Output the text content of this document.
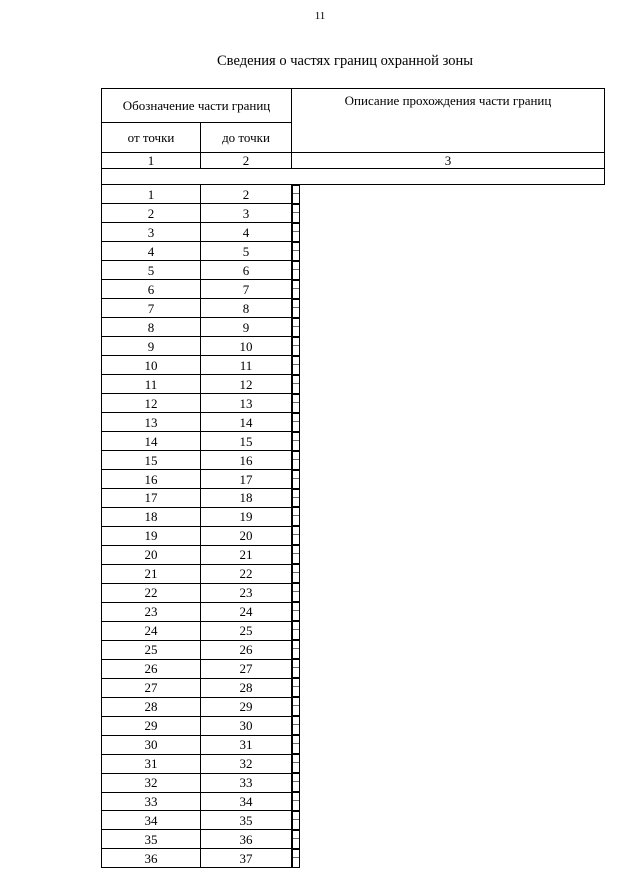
11
Сведения о частях границ охранной зоны
Обозначение части границ		Описание прохождения части границ
от точки	до точки	
1	2	3

1	2		–
2	3		–
3	4		–
4	5		–
5	6		–
6	7		–
7	8		–
8	9		–
9	10		–
10	11		–
11	12		–
12	13		–
13	14		–
14	15		–
15	16		–
16	17		–
17	18		–
18	19		–
19	20		–
20	21		–
21	22		–
22	23		–
23	24		–
24	25		–
25	26		–
26	27		–
27	28		–
28	29		–
29	30		–
30	31		–
31	32		–
32	33		–
33	34		–
34	35		–
35	36		–
36	37		–
